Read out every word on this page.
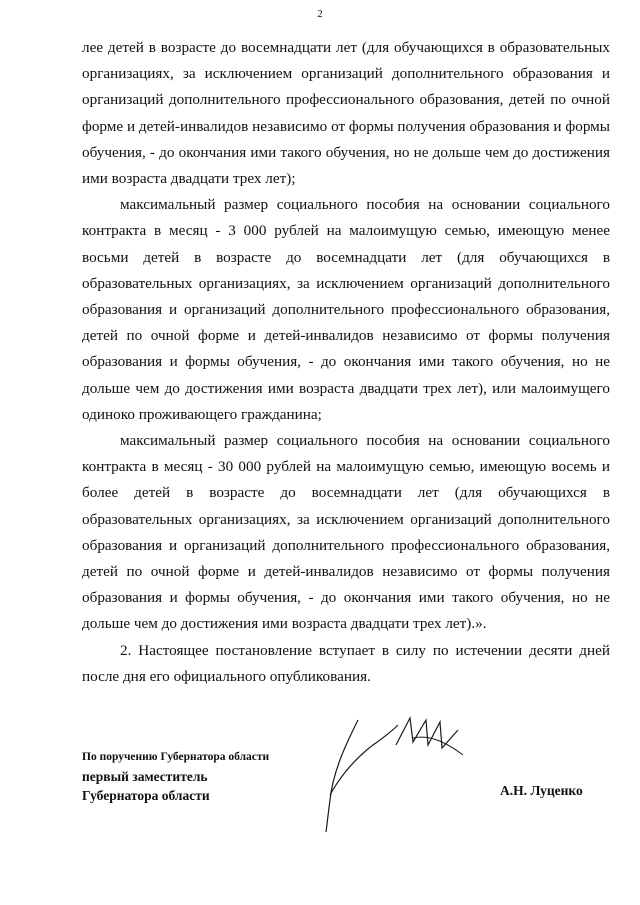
2

лее детей в возрасте до восемнадцати лет (для обучающихся в образовательных организациях, за исключением организаций дополнительного образования и организаций дополнительного профессионального образования, детей по очной форме и детей-инвалидов независимо от формы получения образования и формы обучения, - до окончания ими такого обучения, но не дольше чем до достижения ими возраста двадцати трех лет);

максимальный размер социального пособия на основании социального контракта в месяц - 3 000 рублей на малоимущую семью, имеющую менее восьми детей в возрасте до восемнадцати лет (для обучающихся в образовательных организациях, за исключением организаций дополнительного образования и организаций дополнительного профессионального образования, детей по очной форме и детей-инвалидов независимо от формы получения образования и формы обучения, - до окончания ими такого обучения, но не дольше чем до достижения ими возраста двадцати трех лет), или малоимущего одиноко проживающего гражданина;

максимальный размер социального пособия на основании социального контракта в месяц - 30 000 рублей на малоимущую семью, имеющую восемь и более детей в возрасте до восемнадцати лет (для обучающихся в образовательных организациях, за исключением организаций дополнительного образования и организаций дополнительного профессионального образования, детей по очной форме и детей-инвалидов независимо от формы получения образования и формы обучения, - до окончания ими такого обучения, но не дольше чем до достижения ими возраста двадцати трех лет).».

2. Настоящее постановление вступает в силу по истечении десяти дней после дня его официального опубликования.

По поручению Губернатора области
первый заместитель
Губернатора области	А.Н. Луценко
